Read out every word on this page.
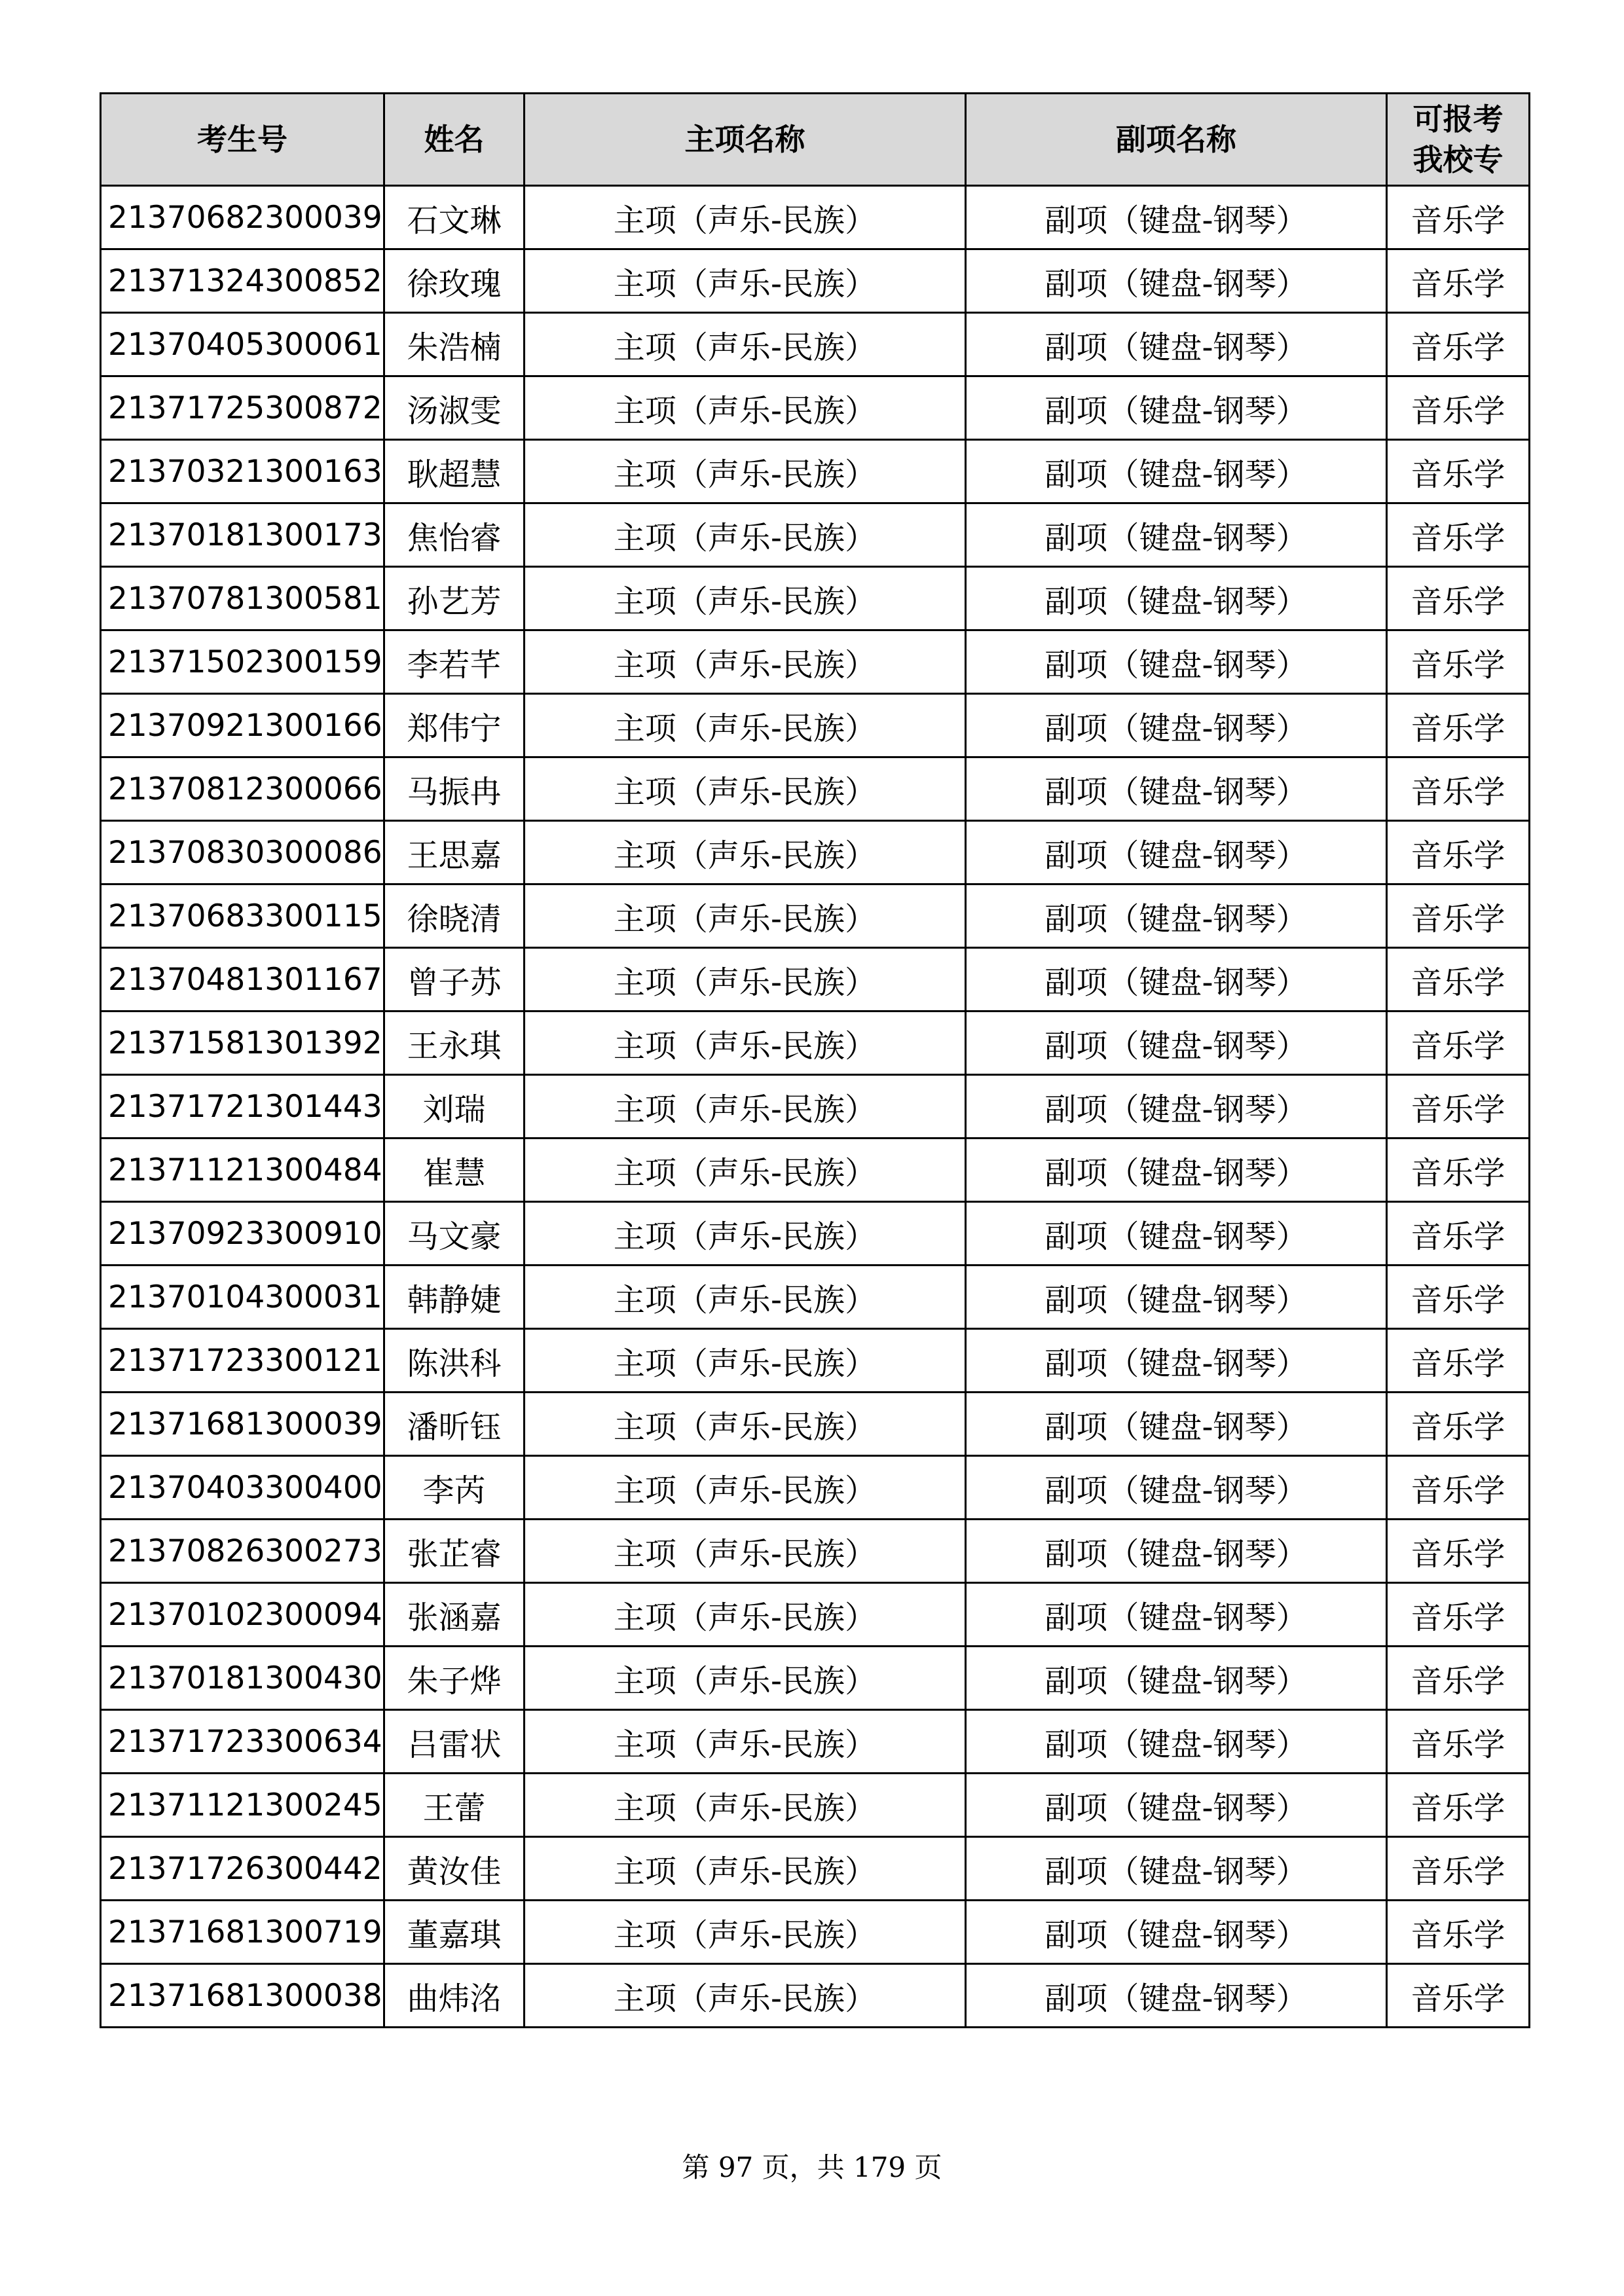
考生号	姓名	主项名称	副项名称	可报考
我校专

21370682300039	石文琳	主项（声乐-民族）	副项（键盘-钢琴）	音乐学
21371324300852	徐玫瑰	主项（声乐-民族）	副项（键盘-钢琴）	音乐学
21370405300061	朱浩楠	主项（声乐-民族）	副项（键盘-钢琴）	音乐学
21371725300872	汤淑雯	主项（声乐-民族）	副项（键盘-钢琴）	音乐学
21370321300163	耿超慧	主项（声乐-民族）	副项（键盘-钢琴）	音乐学
21370181300173	焦怡睿	主项（声乐-民族）	副项（键盘-钢琴）	音乐学
21370781300581	孙艺芳	主项（声乐-民族）	副项（键盘-钢琴）	音乐学
21371502300159	李若芊	主项（声乐-民族）	副项（键盘-钢琴）	音乐学
21370921300166	郑伟宁	主项（声乐-民族）	副项（键盘-钢琴）	音乐学
21370812300066	马振冉	主项（声乐-民族）	副项（键盘-钢琴）	音乐学
21370830300086	王思嘉	主项（声乐-民族）	副项（键盘-钢琴）	音乐学
21370683300115	徐晓清	主项（声乐-民族）	副项（键盘-钢琴）	音乐学
21370481301167	曾子苏	主项（声乐-民族）	副项（键盘-钢琴）	音乐学
21371581301392	王永琪	主项（声乐-民族）	副项（键盘-钢琴）	音乐学
21371721301443	刘瑞	主项（声乐-民族）	副项（键盘-钢琴）	音乐学
21371121300484	崔慧	主项（声乐-民族）	副项（键盘-钢琴）	音乐学
21370923300910	马文豪	主项（声乐-民族）	副项（键盘-钢琴）	音乐学
21370104300031	韩静婕	主项（声乐-民族）	副项（键盘-钢琴）	音乐学
21371723300121	陈洪科	主项（声乐-民族）	副项（键盘-钢琴）	音乐学
21371681300039	潘昕钰	主项（声乐-民族）	副项（键盘-钢琴）	音乐学
21370403300400	李芮	主项（声乐-民族）	副项（键盘-钢琴）	音乐学
21370826300273	张芷睿	主项（声乐-民族）	副项（键盘-钢琴）	音乐学
21370102300094	张涵嘉	主项（声乐-民族）	副项（键盘-钢琴）	音乐学
21370181300430	朱子烨	主项（声乐-民族）	副项（键盘-钢琴）	音乐学
21371723300634	吕雷状	主项（声乐-民族）	副项（键盘-钢琴）	音乐学
21371121300245	王蕾	主项（声乐-民族）	副项（键盘-钢琴）	音乐学
21371726300442	黄汝佳	主项（声乐-民族）	副项（键盘-钢琴）	音乐学
21371681300719	董嘉琪	主项（声乐-民族）	副项（键盘-钢琴）	音乐学
21371681300038	曲炜洺	主项（声乐-民族）	副项（键盘-钢琴）	音乐学
第 97 页，共 179 页
